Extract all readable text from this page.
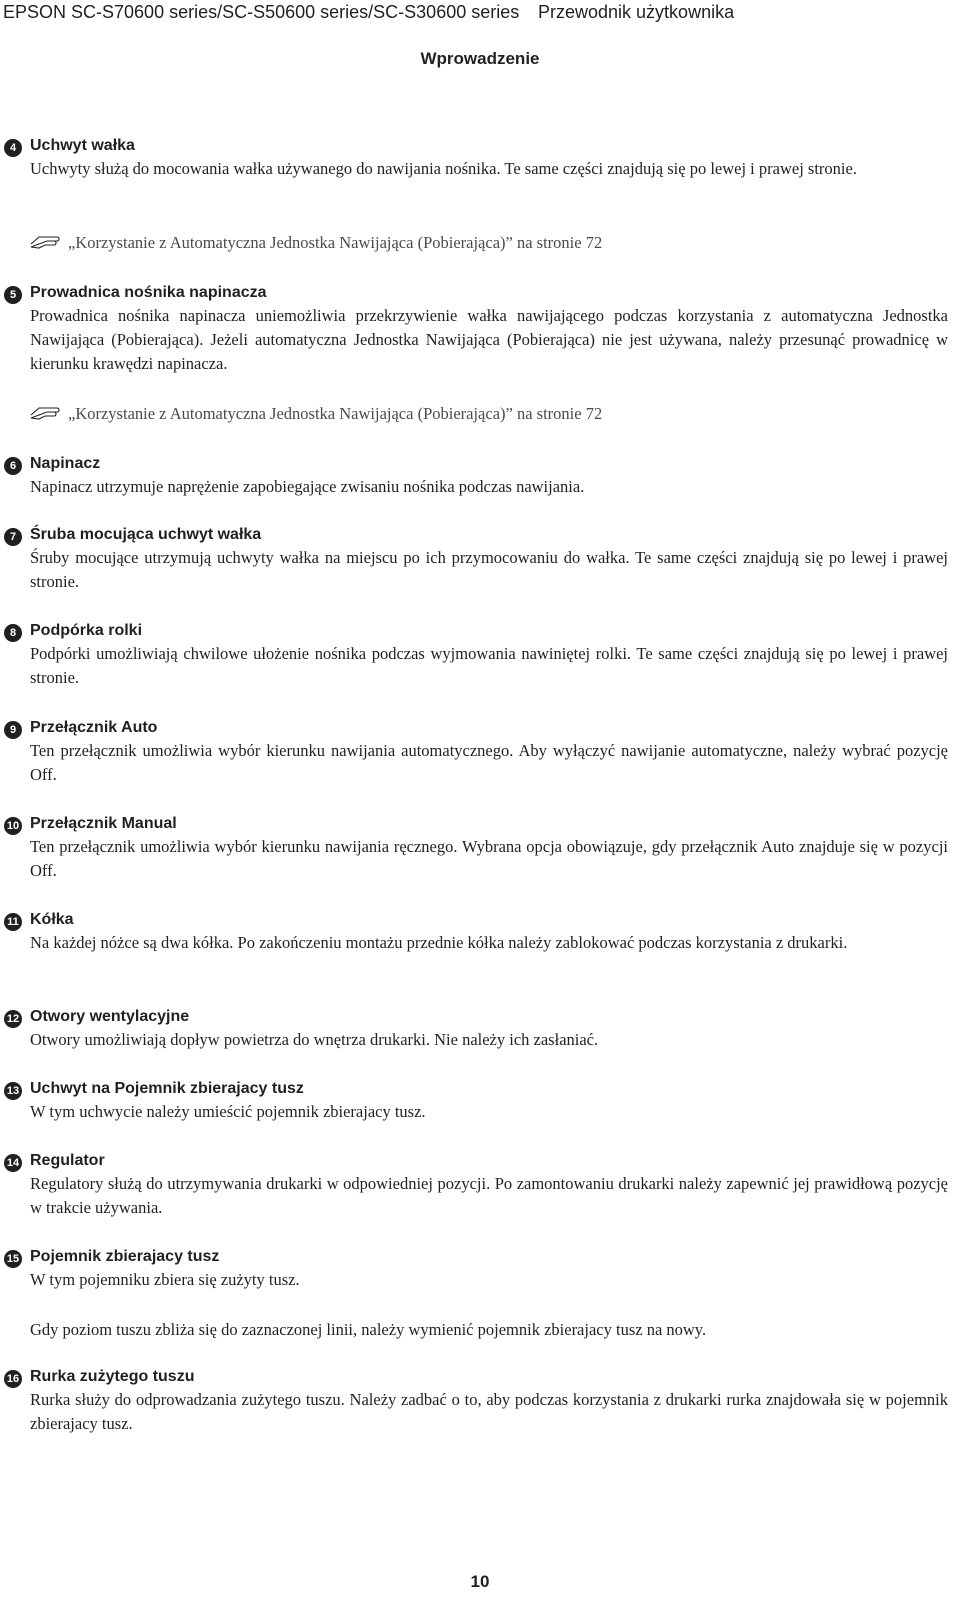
EPSON SC-S70600 series/SC-S50600 series/SC-S30600 series Przewodnik użytkownika
Wprowadzenie
4 Uchwyt wałka
Uchwyty służą do mocowania wałka używanego do nawijania nośnika. Te same części znajdują się po lewej i prawej stronie.
„Korzystanie z Automatyczna Jednostka Nawijająca (Pobierająca)” na stronie 72
5 Prowadnica nośnika napinacza
Prowadnica nośnika napinacza uniemożliwia przekrzywienie wałka nawijającego podczas korzystania z automatyczna Jednostka Nawijająca (Pobierająca). Jeżeli automatyczna Jednostka Nawijająca (Pobierająca) nie jest używana, należy przesunąć prowadnicę w kierunku krawędzi napinacza.
„Korzystanie z Automatyczna Jednostka Nawijająca (Pobierająca)” na stronie 72
6 Napinacz
Napinacz utrzymuje naprężenie zapobiegające zwisaniu nośnika podczas nawijania.
7 Śruba mocująca uchwyt wałka
Śruby mocujące utrzymują uchwyty wałka na miejscu po ich przymocowaniu do wałka. Te same części znajdują się po lewej i prawej stronie.
8 Podpórka rolki
Podpórki umożliwiają chwilowe ułożenie nośnika podczas wyjmowania nawiniętej rolki. Te same części znajdują się po lewej i prawej stronie.
9 Przełącznik Auto
Ten przełącznik umożliwia wybór kierunku nawijania automatycznego. Aby wyłączyć nawijanie automatyczne, należy wybrać pozycję Off.
10 Przełącznik Manual
Ten przełącznik umożliwia wybór kierunku nawijania ręcznego. Wybrana opcja obowiązuje, gdy przełącznik Auto znajduje się w pozycji Off.
11 Kółka
Na każdej nóżce są dwa kółka. Po zakończeniu montażu przednie kółka należy zablokować podczas korzystania z drukarki.
12 Otwory wentylacyjne
Otwory umożliwiają dopływ powietrza do wnętrza drukarki. Nie należy ich zasłaniać.
13 Uchwyt na Pojemnik zbierajacy tusz
W tym uchwycie należy umieścić pojemnik zbierajacy tusz.
14 Regulator
Regulatory służą do utrzymywania drukarki w odpowiedniej pozycji. Po zamontowaniu drukarki należy zapewnić jej prawidłową pozycję w trakcie używania.
15 Pojemnik zbierajacy tusz
W tym pojemniku zbiera się zużyty tusz.
Gdy poziom tuszu zbliża się do zaznaczonej linii, należy wymienić pojemnik zbierajacy tusz na nowy.
16 Rurka zużytego tuszu
Rurka służy do odprowadzania zużytego tuszu. Należy zadbać o to, aby podczas korzystania z drukarki rurka znajdowała się w pojemnik zbierajacy tusz.
10
